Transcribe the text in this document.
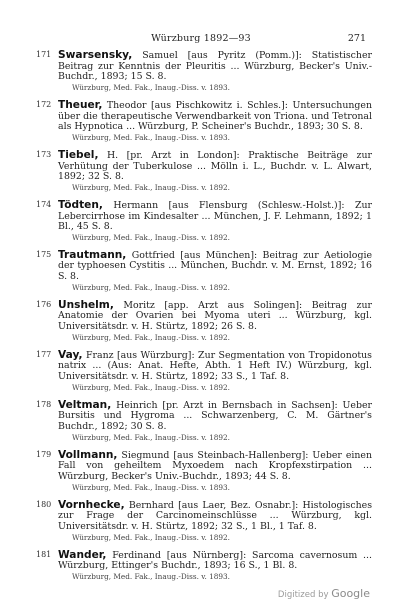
Würzburg 1892—93	271
171 Swarsensky, Samuel [aus Pyritz (Pomm.)]: Statistischer Beitrag zur Kenntnis der Pleuritis ... Würzburg, Becker's Univ.-Buchdr., 1893; 15 S. 8.
Würzburg, Med. Fak., Inaug.-Diss. v. 1893.
172 Theuer, Theodor [aus Pischkowitz i. Schles.]: Untersuchungen über die therapeutische Verwendbarkeit von Triona. und Tetronal als Hypnotica ... Würzburg, P. Scheiner's Buchdr., 1893; 30 S. 8.
Würzburg, Med. Fak., Inaug.-Diss. v. 1893.
173 Tiebel, H. [pr. Arzt in London]: Praktische Beiträge zur Verhütung der Tuberkulose ... Mölln i. L., Buchdr. v. L. Alwart, 1892; 32 S. 8.
Würzburg, Med. Fak., Inaug.-Diss. v. 1892.
174 Tödten, Hermann [aus Flensburg (Schlesw.-Holst.)]: Zur Lebercirrhose im Kindesalter ... München, J. F. Lehmann, 1892; 1 Bl., 45 S. 8.
Würzburg, Med. Fak., Inaug.-Diss. v. 1892.
175 Trautmann, Gottfried [aus München]: Beitrag zur Aetiologie der typhoesen Cystitis ... München, Buchdr. v. M. Ernst, 1892; 16 S. 8.
Würzburg, Med. Fak., Inaug.-Diss. v. 1892.
176 Unshelm, Moritz [app. Arzt aus Solingen]: Beitrag zur Anatomie der Ovarien bei Myoma uteri ... Würzburg, kgl. Universitätsdr. v. H. Stürtz, 1892; 26 S. 8.
Würzburg, Med. Fak., Inaug.-Diss. v. 1892.
177 Vay, Franz [aus Würzburg]: Zur Segmentation von Tropidonotus natrix ... (Aus: Anat. Hefte, Abth. 1 Heft IV.) Würzburg, kgl. Universitätsdr. v. H. Stürtz, 1892; 33 S., 1 Taf. 8.
Würzburg, Med. Fak., Inaug.-Diss. v. 1892.
178 Veltman, Heinrich [pr. Arzt in Bernsbach in Sachsen]: Ueber Bursitis und Hygroma ... Schwarzenberg, C. M. Gärtner's Buchdr., 1892; 30 S. 8.
Würzburg, Med. Fak., Inaug.-Diss. v. 1892.
179 Vollmann, Siegmund [aus Steinbach-Hallenberg]: Ueber einen Fall von geheiltem Myxoedem nach Kropfexstirpation ... Würzburg, Becker's Univ.-Buchdr., 1893; 44 S. 8.
Würzburg, Med. Fak., Inaug.-Diss. v. 1893.
180 Vornhecke, Bernhard [aus Laer, Bez. Osnabr.]: Histologisches zur Frage der Carcinomeinschlüsse ... Würzburg, kgl. Universitätsdr. v. H. Stürtz, 1892; 32 S., 1 Bl., 1 Taf. 8.
Würzburg, Med. Fak., Inaug.-Diss. v. 1892.
181 Wander, Ferdinand [aus Nürnberg]: Sarcoma cavernosum ... Würzburg, Ettinger's Buchdr., 1893; 16 S., 1 Bl. 8.
Würzburg, Med. Fak., Inaug.-Diss. v. 1893.
Digitized by Google
